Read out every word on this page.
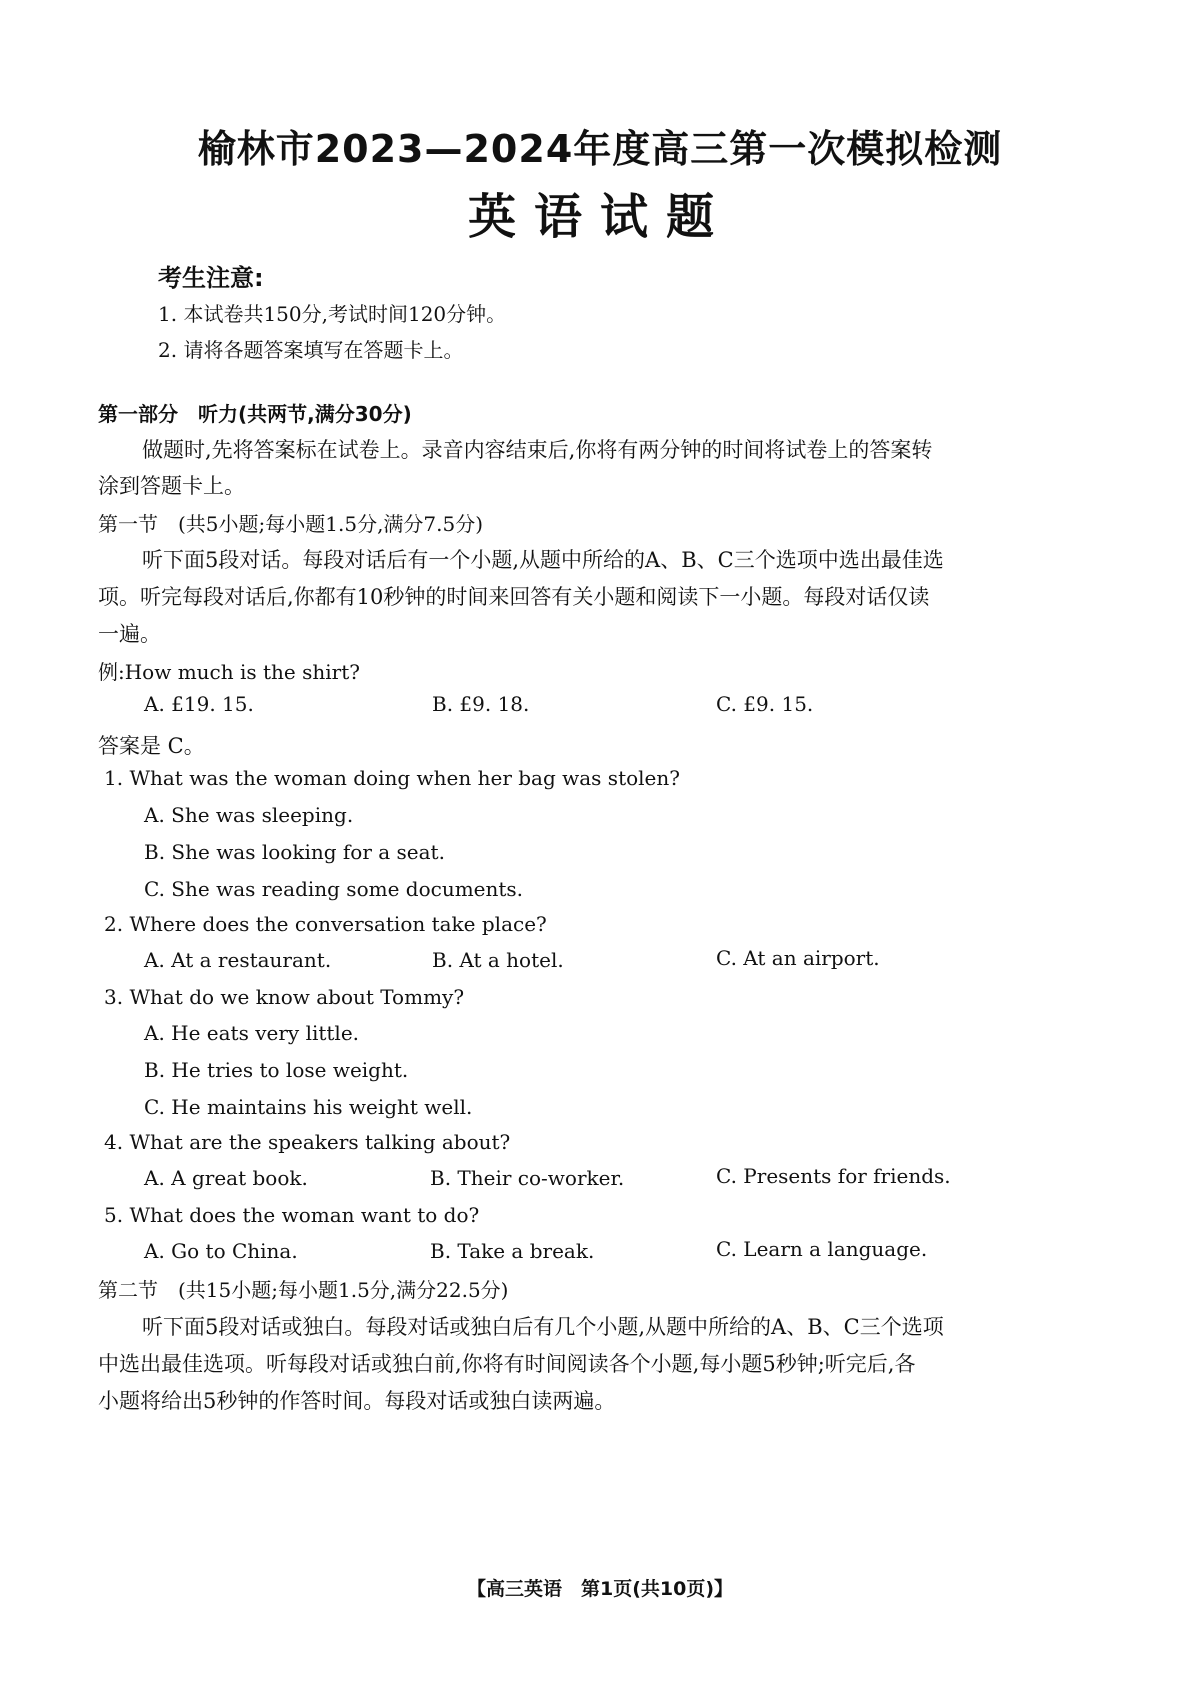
榆林市2023—2024年度高三第一次模拟检测
英语试题
考生注意:
1. 本试卷共150分,考试时间120分钟。
2. 请将各题答案填写在答题卡上。
第一部分　听力(共两节,满分30分)
做题时,先将答案标在试卷上。录音内容结束后,你将有两分钟的时间将试卷上的答案转
涂到答题卡上。
第一节　(共5小题;每小题1.5分,满分7.5分)
听下面5段对话。每段对话后有一个小题,从题中所给的A、B、C三个选项中选出最佳选
项。听完每段对话后,你都有10秒钟的时间来回答有关小题和阅读下一小题。每段对话仅读
一遍。
例:How much is the shirt?
A. £19. 15.	B. £9. 18.	C. £9. 15.
答案是 C。
1. What was the woman doing when her bag was stolen?
A. She was sleeping.
B. She was looking for a seat.
C. She was reading some documents.
2. Where does the conversation take place?
A. At a restaurant.	B. At a hotel.	C. At an airport.
3. What do we know about Tommy?
A. He eats very little.
B. He tries to lose weight.
C. He maintains his weight well.
4. What are the speakers talking about?
A. A great book.	B. Their co-worker.	C. Presents for friends.
5. What does the woman want to do?
A. Go to China.	B. Take a break.	C. Learn a language.
第二节　(共15小题;每小题1.5分,满分22.5分)
听下面5段对话或独白。每段对话或独白后有几个小题,从题中所给的A、B、C三个选项
中选出最佳选项。听每段对话或独白前,你将有时间阅读各个小题,每小题5秒钟;听完后,各
小题将给出5秒钟的作答时间。每段对话或独白读两遍。
【高三英语　第1页(共10页)】
